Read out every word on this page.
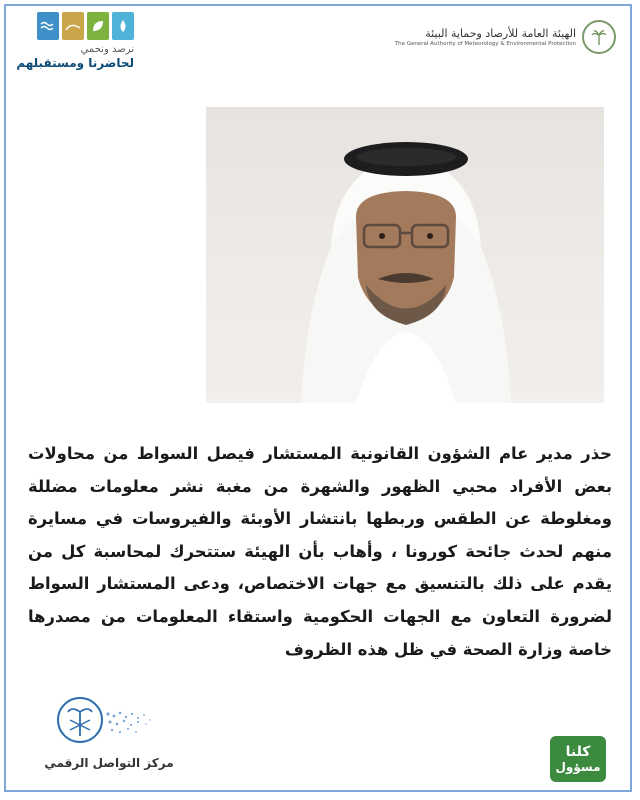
نرصد ونحمي
لحاضرنا ومستقبلهم
الهيئة العامة للأرصاد وحماية البيئة
The General Authority of Meteorology & Environmental Protection
حذر مدير عام الشؤون القانونية المستشار فيصل السواط من محاولات بعض الأفراد محبي الظهور والشهرة من مغبة نشر معلومات مضللة ومغلوطة عن الطقس وربطها بانتشار الأوبئة والفيروسات في مسايرة منهم لحدث جائحة كورونا ، وأهاب بأن الهيئة ستتحرك لمحاسبة كل من يقدم على ذلك بالتنسيق مع جهات الاختصاص، ودعى المستشار السواط لضرورة التعاون مع الجهات الحكومية واستقاء المعلومات من مصدرها خاصة وزارة الصحة في ظل هذه الظروف
مركز التواصل الرقمي
كلنا
مسؤول
